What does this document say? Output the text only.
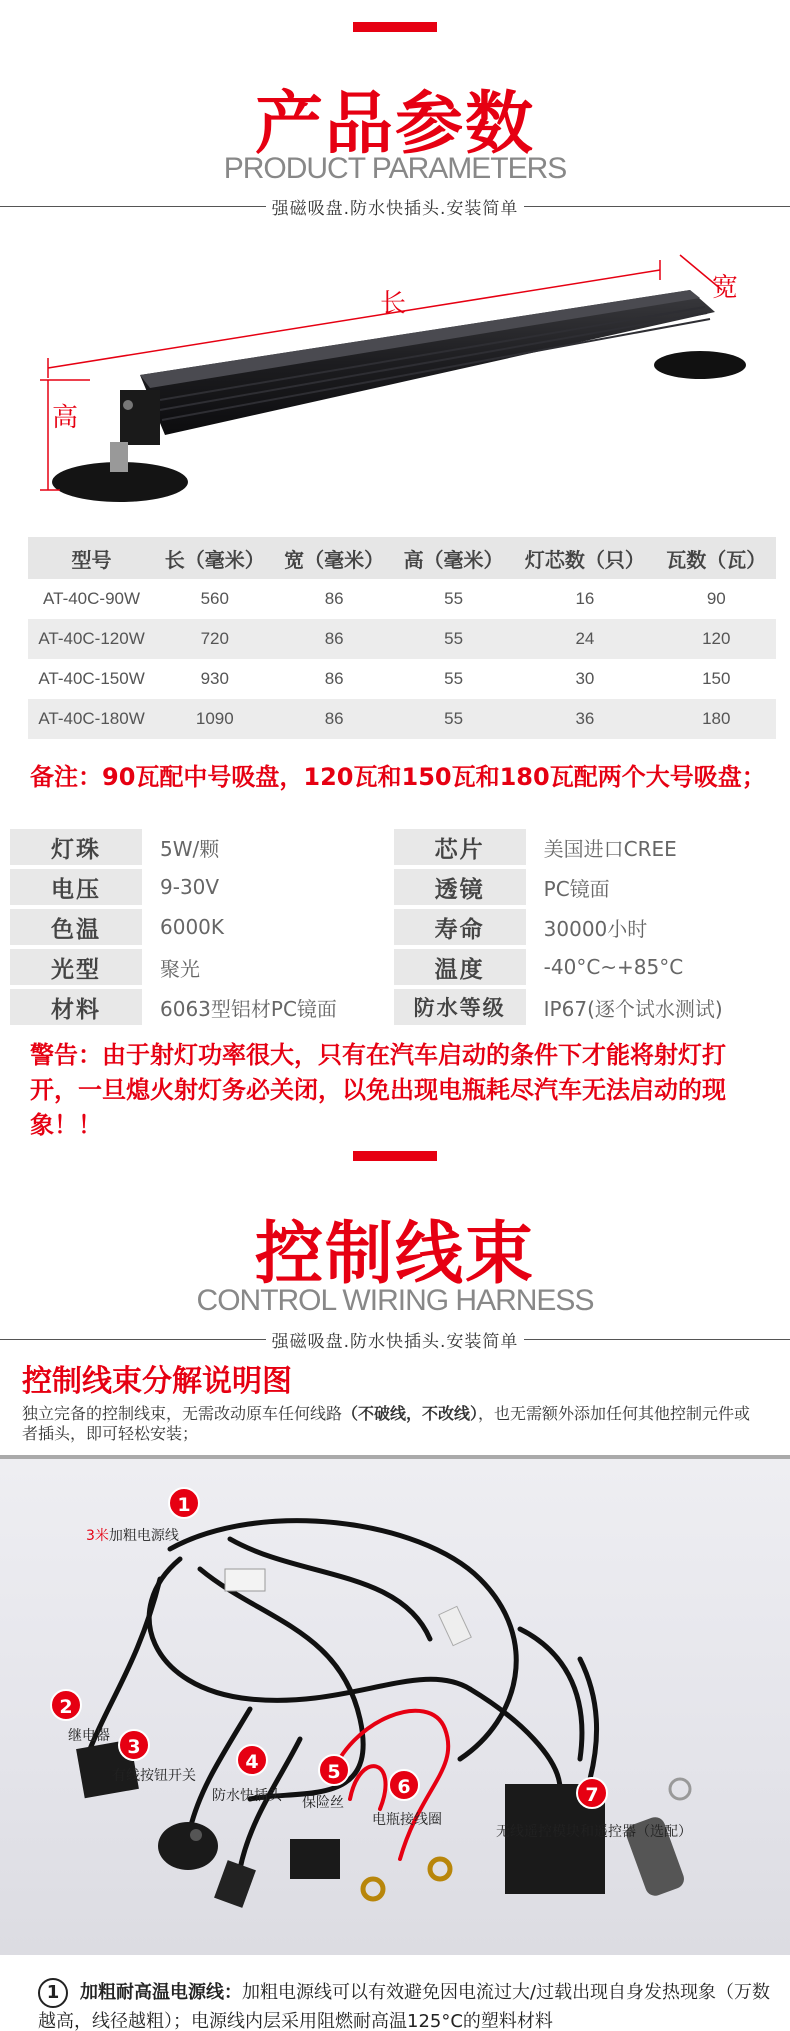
产品参数
PRODUCT PARAMETERS
强磁吸盘.防水快插头.安装简单
长
宽
高
型号	长（毫米）	宽（毫米）	高（毫米）	灯芯数（只）	瓦数（瓦）
AT-40C-90W	560	86	55	16	90
AT-40C-120W	720	86	55	24	120
AT-40C-150W	930	86	55	30	150
AT-40C-180W	1090	86	55	36	180
备注：90瓦配中号吸盘，120瓦和150瓦和180瓦配两个大号吸盘；
灯珠	5W/颗	芯片	美国进口CREE
电压	9-30V	透镜	PC镜面
色温	6000K	寿命	30000小时
光型	聚光	温度	-40°C~+85°C
材料	6063型铝材PC镜面	防水等级	IP67(逐个试水测试)
警告：由于射灯功率很大，只有在汽车启动的条件下才能将射灯打开，一旦熄火射灯务必关闭，以免出现电瓶耗尽汽车无法启动的现象！！
控制线束
CONTROL WIRING HARNESS
强磁吸盘.防水快插头.安装简单
控制线束分解说明图
独立完备的控制线束，无需改动原车任何线路（不破线，不改线），也无需额外添加任何其他控制元件或者插头，即可轻松安装；
1
3米加粗电源线
2
继电器 3
有线按钮开关
4
防水快插头
5
保险丝
6
电瓶接线圈
7
无线遥控模块和遥控器（选配）
1 加粗耐高温电源线：加粗电源线可以有效避免因电流过大/过载出现自身发热现象（万数越高，线径越粗）；电源线内层采用阻燃耐高温125°C的塑料材料
